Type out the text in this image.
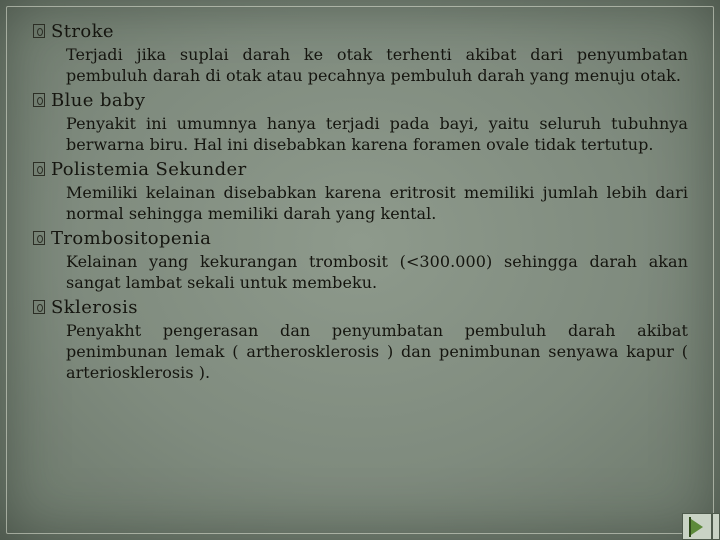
Stroke
Terjadi jika suplai darah ke otak terhenti akibat dari penyumbatan pembuluh darah di otak atau pecahnya pembuluh darah yang menuju otak.
Blue baby
Penyakit ini umumnya hanya terjadi pada bayi, yaitu seluruh tubuhnya berwarna biru. Hal ini disebabkan karena foramen ovale tidak tertutup.
Polistemia Sekunder
Memiliki kelainan disebabkan karena eritrosit memiliki jumlah lebih dari normal sehingga memiliki darah yang kental.
Trombositopenia
Kelainan yang kekurangan trombosit (<300.000) sehingga darah akan sangat lambat sekali untuk membeku.
Sklerosis
Penyakht pengerasan dan penyumbatan pembuluh darah akibat penimbunan lemak ( artherosklerosis ) dan penimbunan senyawa kapur ( arteriosklerosis ).
